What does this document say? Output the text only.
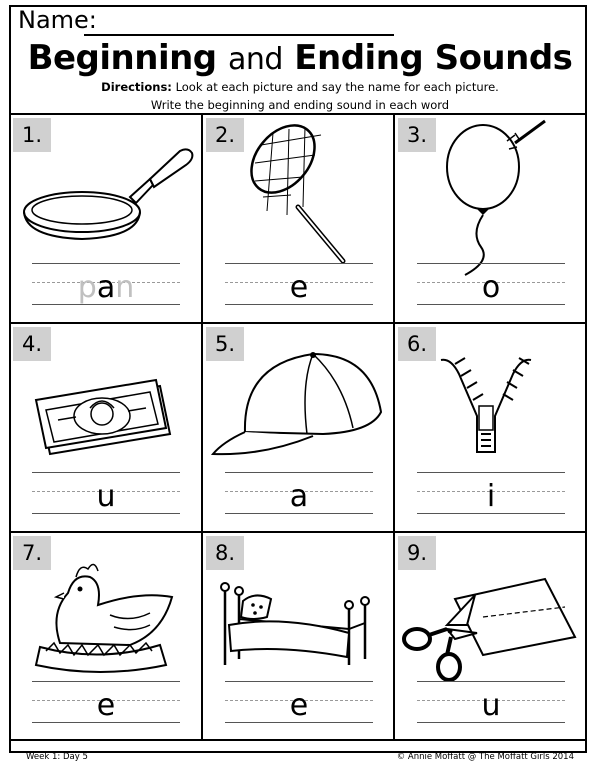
Name:
Beginning and Ending Sounds
Directions: Look at each picture and say the name for each picture.
Write the beginning and ending sound in each word
1.
pan
2.
e
3.
o
4.
u
5.
a
6.
i
7.
e
8.
e
9.
u
Week 1: Day 5	© Annie Moffatt @ The Moffatt Girls 2014
